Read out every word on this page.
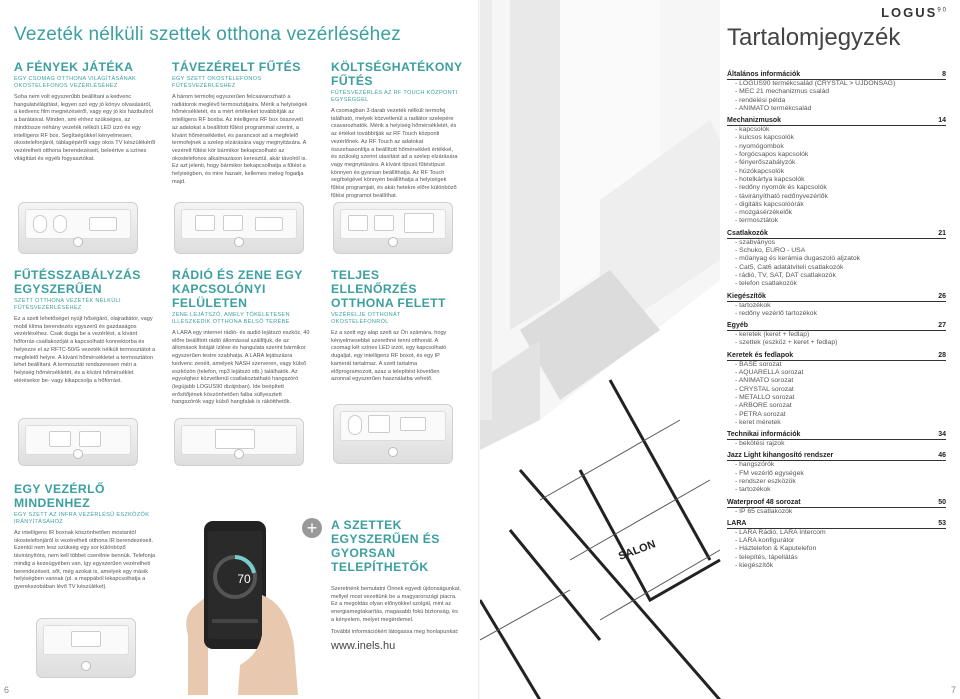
Vezeték nélküli szettek otthona vezérléséhez
A FÉNYEK JÁTÉKA
EGY CSOMAG OTTHONA VILÁGÍTÁSÁNAK OKOSTELEFONOS VEZÉRLÉSÉHEZ
Soha nem volt egyszerűbb beállítani a kedvenc hangulatvilágítást, legyen szó egy jó könyv olvasásáról, a kedvenc film megnézéséről, vagy egy jó kis házibuliról a barátaival. Minden, ami ehhez szükséges, az mindössze néhány vezeték nélküli LED izzó és egy intelligens RF box. Segítségükkel kényelmesen, okostelefonjáról, táblagépéről vagy okos TV készülékéről vezérelheti otthona berendezéseit, beleértve a színes világítást és egyéb fogyasztókat.
TÁVEZÉRELT FŰTÉS
EGY SZETT OKOSTELEFONOS FŰTÉSVEZÉRLÉSHEZ
A három termofej egyszerűen felcsavarozható a radiátorok meglévő termosztátjaira. Mérik a helyiségek hőmérsékletét, és a mért értékeket továbbítják az intelligens RF boxba. Az intelligens RF box összeveti az adatokat a beállított fűtési programmal szerint, a kívánt hőmérséklettel, és parancsot ad a megfelelő termofejnek a szelep elzárására vagy megnyitására. A vezérelt fűtési kör bármikor bekapcsolható az okostelefonos alkalmazáson keresztül, akár távolról is. Ez azt jelenti, hogy bármikor bekapcsolhatja a fűtést a helyiségben, és mire hazaér, kellemes meleg fogadja majd.
KÖLTSÉGHATÉKONY FŰTÉS
FŰTÉSVEZÉRLÉS AZ RF TOUCH KÖZPONTI EGYSÉGGEL
A csomagban 3 darab vezeték nélküli termofej található, melyek közvetlenül a radiátor szelepére csavarozhatók. Mérik a helyiség hőmérsékletét, és az értéket továbbítják az RF Touch központi vezérlőnek. Az RF Touch az adatokat összehasonlítja a beállított hőmérsékleti értékkel, és szükség szerint utasítást ad a szelep elzárására vagy megnyitására. A kívánt típusú fűtéstípust könnyen és gyorsan beállíthatja. Az RF Touch segítségével könnyen beállíthatja a helyiségek fűtési programjait, és akár hetekre előre különböző fűtési programot beállíthat.
FŰTÉSSZABÁLYZÁS EGYSZERŰEN
SZETT OTTHONA VEZETÉK NÉLKÜLI FŰTÉSVEZÉRLÉSÉHEZ
Ez a szett lehetőséget nyújt hőségáró, olajradiátor, vagy mobil klíma berendezés egyszerű és gazdaságos vezérléséhez. Csak dugja be a vezérlést, a kívánt hőforrás csatlakozóját a kapcsolható konnektorba és helyezze el az RFTC-50/G vezeték nélküli termosztátot a megfelelő helyre. A kívánt hőmérsékletet a termosztáton lehet beállítani. A termosztát rendszeresen méri a helyiség hőmérsékletét, és a kívánt hőmérséklet elérésekor be- vagy kikapcsolja a hőforrást.
RÁDIÓ ÉS ZENE EGY KAPCSOLÓNYI FELÜLETEN
ZENE LEJÁTSZÓ, AMELY TÖKÉLETESEN ILLESZKEDIK OTTHONA BELSŐ TERÉBE
A LARA egy internet rádió- és audió lejátszó eszköz, 40 előre beállított rádió állomással szállítjuk, de az állomások listáját ízlése és hangulata szerint bármikor egyszerűen testre szabhatja. A LARA lejátszásra kedvenc zenéit, amelyek NASH szerveren, vagy külső eszközön (telefon, mp3 lejátszó stb.) találhatók. Az egységhez közvetlenül csatlakoztatható hangszóró (legújabb LOGUS90 dizájnban). Ide beépített erősítőjének köszönhetően falba süllyesztett hangszórók vagy külső hangfalak is rákötthetők.
TELJES ELLENŐRZÉS OTTHONA FELETT
VEZÉRELJE OTTHONÁT OKOSTELEFONRÓL
Ez a szett egy alap szett az Ön számára, hogy kényelmesebbé szerethné tenni otthonát. A csomag két színes LED izzót, egy kapcsolható dugaljat, egy intelligens RF boxot, és egy IP kamerát tartalmaz. A szett tartalma előprogramozott, azaz a telepítést követően azonnal egyszerűen használatba vehető.
EGY VEZÉRLŐ MINDENHEZ
EGY SZETT AZ INFRA VEZÉRLÉSŰ ESZKÖZÖK IRÁNYÍTÁSÁHOZ
Az intelligens IR boxnak köszönhetően mostantól okostelefonjáról is vezérelheti otthona IR berendezéseit. Ezentúl nem lesz szükség egy sor különböző távirányítóra, nem kell többet cserélnie bennük. Telefonja mindig a kezeügyében van, így egyszerűen vezérelheti berendezéseit, sőt, még azokat is, amelyek egy másik helyiségben vannak (pl. a mappából lekapcsolhatja a gyerekszobában lévő TV készüléket).
70
+	A SZETTEK EGYSZERŰEN ÉS GYORSAN TELEPÍTHETŐK
Szeretnénk bemutatni Önnek egyedi újdonságunkat, mellyel most vezettünk be a magyarországi piacra. Ez a megoldás olyan előnyökkel szolgál, mint az energiamegtakarítás, magasabb fokú biztonság, és a kényelem, melyet megérdemel.
További információkért látogassa meg honlapunkat:
www.inels.hu
6
SALON
LOGUS$^{90}$
Tartalomjegyzék
Általános információk	8
- LOGUS90 termékcsalád (CRYSTAL > ÚJDONSÁG)
- MEC 21 mechanizmus család
- rendelési példa
- ANIMATO termékcsalád
Mechanizmusok	14
- kapcsolók
- kulcsos kapcsolók
- nyomógombok
- forgócsapos kapcsolók
- fényerőszabályzók
- húzókapcsolók
- hotelkártya kapcsolók
- redőny nyomók és kapcsolók
- távirányítható redőnyvezérlők
- digitális kapcsolóórák
- mozgásérzékelők
- termosztátok
Csatlakozók	21
- szabványos
- Schuko, EURO - USA
- műanyag és kerámia dugaszoló aljzatok
- Cat5, Cat6 adatátviteli csatlakozók
- rádió, TV, SAT, DAT csatlakozók
- telefon csatlakozók
Kiegészítők	26
- tartozékok
- redőny vezérlő tartozékok
Egyéb	27
- keretek (keret + fedlap)
- szettek (eszköz + keret + fedlap)
Keretek és fedlapok	28
- BASE sorozat
- AQUARELLA sorozat
- ANIMATO sorozat
- CRYSTAL sorozat
- METALLO sorozat
- ARBORE sorozat
- PETRA sorozat
- keret méretek
Technikai információk	34
- bekötési rajzok
Jazz Light kihangosító rendszer	46
- hangszórók
- FM vezérlő egységek
- rendszer eszközök
- tartozékok
Waterproof 48 sorozat	50
- IP 65 csatlakozók
LARA	53
- LARA Rádió, LARA Intercom
- LARA konfigurátor
- Háztelefon & Kaputelefon
- telepítés, tápellátás
- kiegészítők
7
